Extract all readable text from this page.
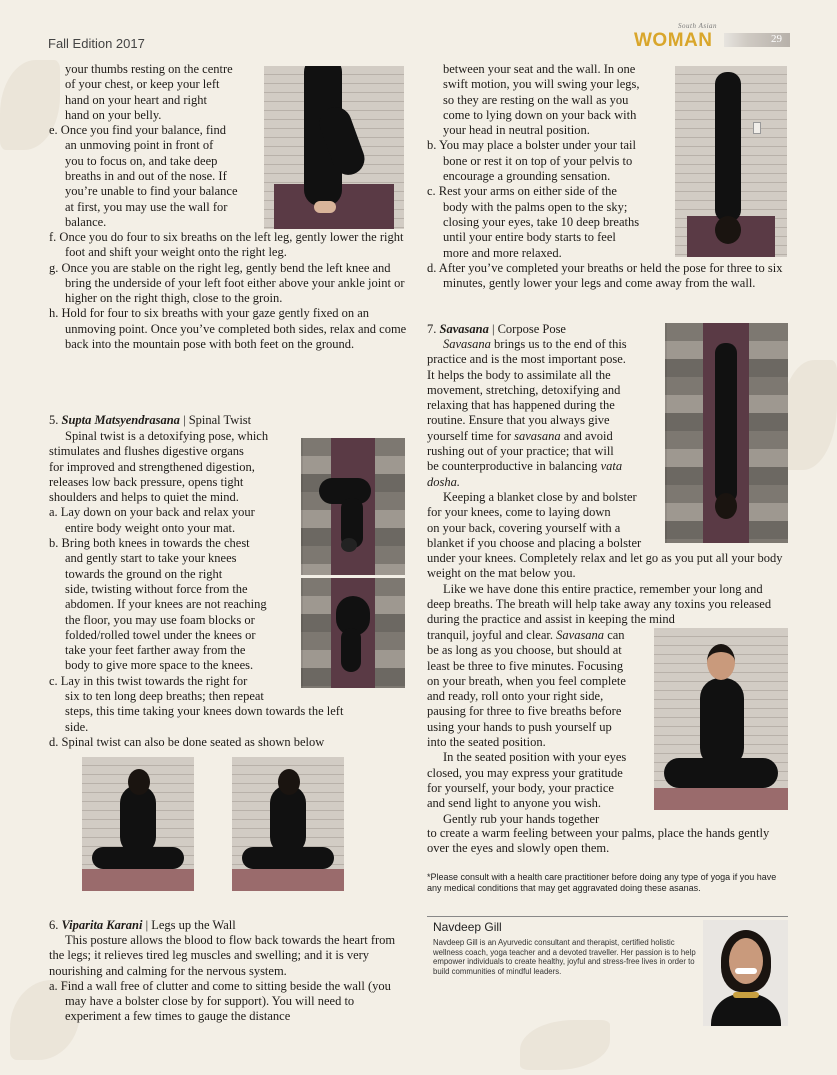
Fall Edition 2017
South Asian
WOMAN	29
your thumbs resting on the centre
of your chest, or keep your left
hand on your heart and right
hand on your belly.
e. Once you find your balance, find
an unmoving point in front of
you to focus on, and take deep
breaths in and out of the nose. If
you’re unable to find your balance
at first, you may use the wall for
balance.
f. Once you do four to six breaths on the left leg, gently lower the right foot and shift your weight onto the right leg.
g. Once you are stable on the right leg, gently bend the left knee and bring the underside of your left foot either above your ankle joint or higher on the right thigh, close to the groin.
h. Hold for four to six breaths with your gaze gently fixed on an unmoving point. Once you’ve completed both sides, relax and come back into the mountain pose with both feet on the ground.
5. Supta Matsyendrasana | Spinal Twist
Spinal twist is a detoxifying pose, which
stimulates and flushes digestive organs
for improved and strengthened digestion,
releases low back pressure, opens tight
shoulders and helps to quiet the mind.
a. Lay down on your back and relax your
entire body weight onto your mat.
b. Bring both knees in towards the chest
and gently start to take your knees
towards the ground on the right
side, twisting without force from the
abdomen. If your knees are not reaching
the floor, you may use foam blocks or
folded/rolled towel under the knees or
take your feet farther away from the
body to give more space to the knees.
c. Lay in this twist towards the right for
six to ten long deep breaths; then repeat
steps, this time taking your knees down towards the left
side.
d. Spinal twist can also be done seated as shown below
6. Viparita Karani | Legs up the Wall
This posture allows the blood to flow back towards the heart from the legs; it relieves tired leg muscles and swelling; and it is very nourishing and calming for the nervous system.
a. Find a wall free of clutter and come to sitting beside the wall (you may have a bolster close by for support). You will need to experiment a few times to gauge the distance
between your seat and the wall. In one
swift motion, you will swing your legs,
so they are resting on the wall as you
come to lying down on your back with
your head in neutral position.
b. You may place a bolster under your tail
bone or rest it on top of your pelvis to
encourage a grounding sensation.
c. Rest your arms on either side of the
body with the palms open to the sky;
closing your eyes, take 10 deep breaths
until your entire body starts to feel
more and more relaxed.
d. After you’ve completed your breaths or held the pose for three to six minutes, gently lower your legs and come away from the wall.
7. Savasana | Corpose Pose
Savasana brings us to the end of this
practice and is the most important pose.
It helps the body to assimilate all the
movement, stretching, detoxifying and
relaxing that has happened during the
routine. Ensure that you always give
yourself time for savasana and avoid
rushing out of your practice; that will
be counterproductive in balancing vata
dosha.
Keeping a blanket close by and bolster
for your knees, come to laying down
on your back, covering yourself with a
blanket if you choose and placing a bolster
under your knees. Completely relax and let go as you put all your body weight on the mat below you.
Like we have done this entire practice, remember your long and deep breaths. The breath will help take away any toxins you released during the practice and assist in keeping the mind
tranquil, joyful and clear. Savasana can
be as long as you choose, but should at
least be three to five minutes. Focusing
on your breath, when you feel complete
and ready, roll onto your right side,
pausing for three to five breaths before
using your hands to push yourself up
into the seated position.
In the seated position with your eyes
closed, you may express your gratitude
for yourself, your body, your practice
and send light to anyone you wish.
Gently rub your hands together
to create a warm feeling between your palms, place the hands gently over the eyes and slowly open them.
*Please consult with a health care practitioner before doing any type of yoga if you have any medical conditions that may get aggravated doing these asanas.
Navdeep Gill
Navdeep Gill is an Ayurvedic consultant and therapist, certified holistic wellness coach, yoga teacher and a devoted traveller. Her passion is to help empower individuals to create healthy, joyful and stress-free lives in order to build communities of mindful leaders.
